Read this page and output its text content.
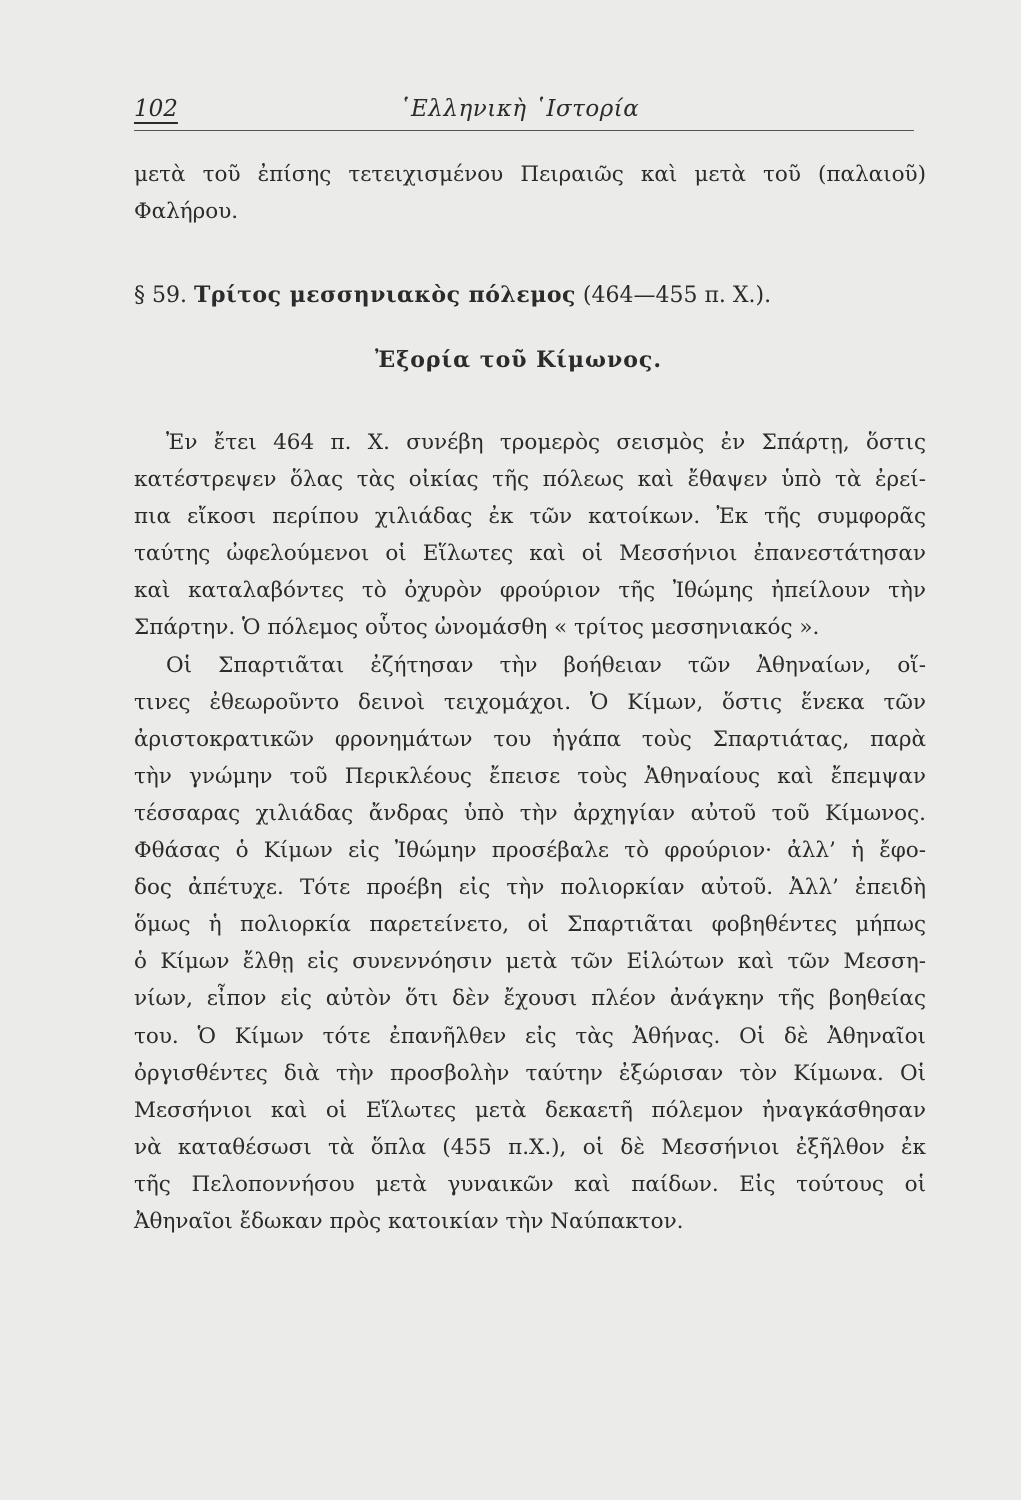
102	῾Ελληνικὴ ῾Ιστορία
μετὰ τοῦ ἐπίσης τετειχισμένου Πειραιῶς καὶ μετὰ τοῦ (παλαιοῦ)
Φαλήρου.
§ 59. Τρίτος μεσσηνιακὸς πόλεμος (464—455 π. Χ.).
Ἐξορία τοῦ Κίμωνος.
Ἐν ἔτει 464 π. Χ. συνέβη τρομερὸς σεισμὸς ἐν Σπάρτῃ, ὅστις
κατέστρεψεν ὅλας τὰς οἰκίας τῆς πόλεως καὶ ἔθαψεν ὑπὸ τὰ ἐρεί-
πια εἴκοσι περίπου χιλιάδας ἐκ τῶν κατοίκων. Ἐκ τῆς συμφορᾶς
ταύτης ὠφελούμενοι οἱ Εἵλωτες καὶ οἱ Μεσσήνιοι ἐπανεστάτησαν
καὶ καταλαβόντες τὸ ὀχυρὸν φρούριον τῆς Ἰθώμης ἠπείλουν τὴν
Σπάρτην. Ὁ πόλεμος οὗτος ὠνομάσθη « τρίτος μεσσηνιακός ».
Οἱ Σπαρτιᾶται ἐζήτησαν τὴν βοήθειαν τῶν Ἀθηναίων, οἵ-
τινες ἐθεωροῦντο δεινοὶ τειχομάχοι. Ὁ Κίμων, ὅστις ἕνεκα τῶν
ἀριστοκρατικῶν φρονημάτων του ἠγάπα τοὺς Σπαρτιάτας, παρὰ
τὴν γνώμην τοῦ Περικλέους ἔπεισε τοὺς Ἀθηναίους καὶ ἔπεμψαν
τέσσαρας χιλιάδας ἄνδρας ὑπὸ τὴν ἀρχηγίαν αὐτοῦ τοῦ Κίμωνος.
Φθάσας ὁ Κίμων εἰς Ἰθώμην προσέβαλε τὸ φρούριον· ἀλλ’ ἡ ἔφο-
δος ἀπέτυχε. Τότε προέβη εἰς τὴν πολιορκίαν αὐτοῦ. Ἀλλ’ ἐπειδὴ
ὅμως ἡ πολιορκία παρετείνετο, οἱ Σπαρτιᾶται φοβηθέντες μήπως
ὁ Κίμων ἔλθῃ εἰς συνεννόησιν μετὰ τῶν Εἱλώτων καὶ τῶν Μεσση-
νίων, εἶπον εἰς αὐτὸν ὅτι δὲν ἔχουσι πλέον ἀνάγκην τῆς βοηθείας
του. Ὁ Κίμων τότε ἐπανῆλθεν εἰς τὰς Ἀθήνας. Οἱ δὲ Ἀθηναῖοι
ὀργισθέντες διὰ τὴν προσβολὴν ταύτην ἐξώρισαν τὸν Κίμωνα. Οἱ
Μεσσήνιοι καὶ οἱ Εἵλωτες μετὰ δεκαετῆ πόλεμον ἠναγκάσθησαν
νὰ καταθέσωσι τὰ ὅπλα (455 π.Χ.), οἱ δὲ Μεσσήνιοι ἐξῆλθον ἐκ
τῆς Πελοποννήσου μετὰ γυναικῶν καὶ παίδων. Εἰς τούτους οἱ
Ἀθηναῖοι ἔδωκαν πρὸς κατοικίαν τὴν Ναύπακτον.
